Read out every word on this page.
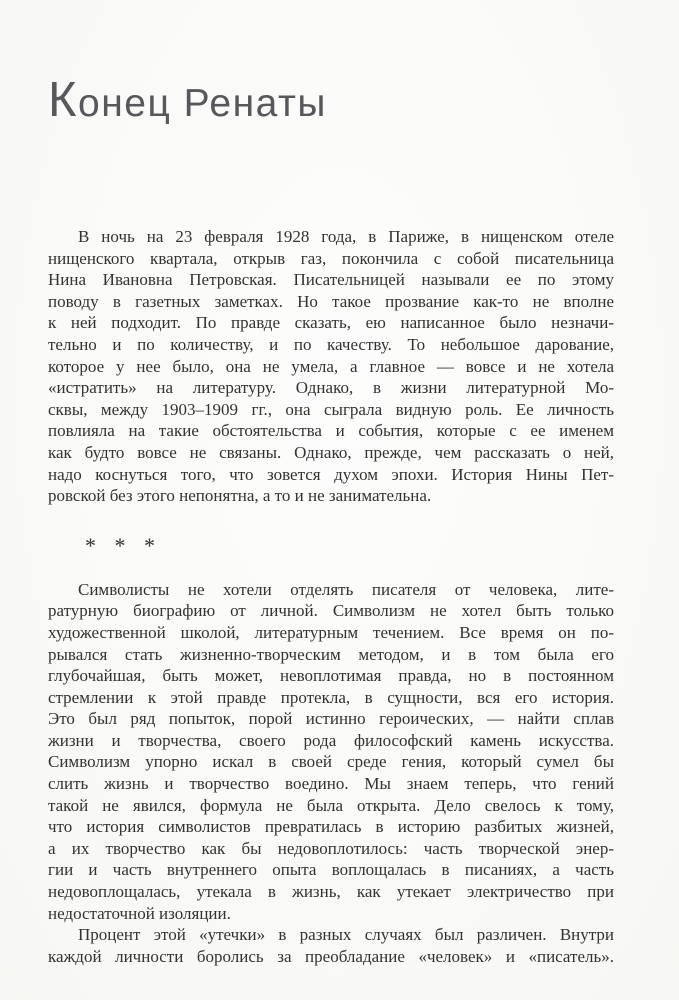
Конец Ренаты
В ночь на 23 февраля 1928 года, в Париже, в нищенском отеле
нищенского квартала, открыв газ, покончила с собой писательница
Нина Ивановна Петровская. Писательницей называли ее по этому
поводу в газетных заметках. Но такое прозвание как-то не вполне
к ней подходит. По правде сказать, ею написанное было незначи-
тельно и по количеству, и по качеству. То небольшое дарование,
которое у нее было, она не умела, а главное — вовсе и не хотела
«истратить» на литературу. Однако, в жизни литературной Мо-
сквы, между 1903–1909 гг., она сыграла видную роль. Ее личность
повлияла на такие обстоятельства и события, которые с ее именем
как будто вовсе не связаны. Однако, прежде, чем рассказать о ней,
надо коснуться того, что зовется духом эпохи. История Нины Пет-
ровской без этого непонятна, а то и не занимательна.
* * *
Символисты не хотели отделять писателя от человека, лите-
ратурную биографию от личной. Символизм не хотел быть только
художественной школой, литературным течением. Все время он по-
рывался стать жизненно-творческим методом, и в том была его
глубочайшая, быть может, невоплотимая правда, но в постоянном
стремлении к этой правде протекла, в сущности, вся его история.
Это был ряд попыток, порой истинно героических, — найти сплав
жизни и творчества, своего рода философский камень искусства.
Символизм упорно искал в своей среде гения, который сумел бы
слить жизнь и творчество воедино. Мы знаем теперь, что гений
такой не явился, формула не была открыта. Дело свелось к тому,
что история символистов превратилась в историю разбитых жизней,
а их творчество как бы недовоплотилось: часть творческой энер-
гии и часть внутреннего опыта воплощалась в писаниях, а часть
недовоплощалась, утекала в жизнь, как утекает электричество при
недостаточной изоляции.
Процент этой «утечки» в разных случаях был различен. Внутри
каждой личности боролись за преобладание «человек» и «писатель».
